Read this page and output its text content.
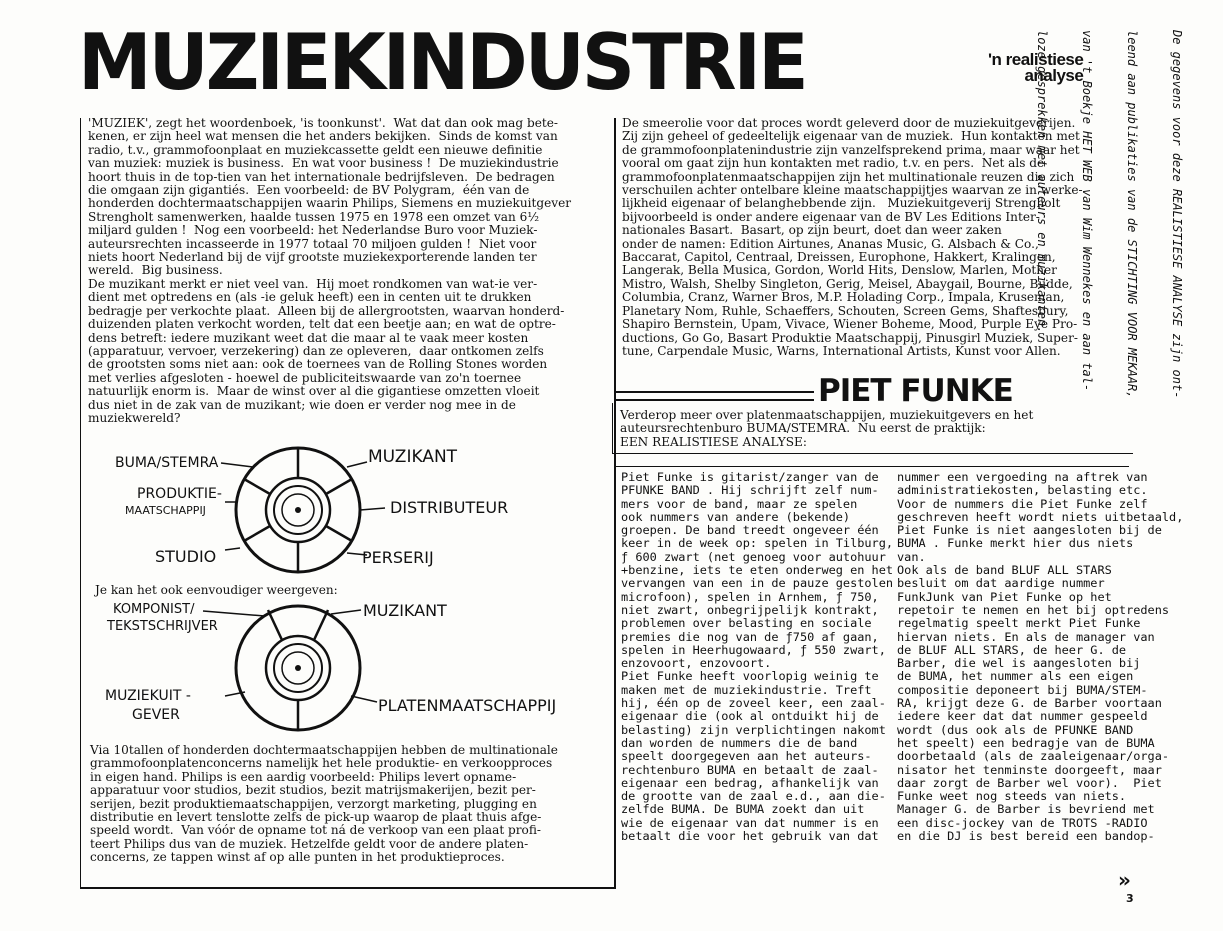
MUZIEKINDUSTRIE	'n realistiese
analyse

	De gegevens voor deze REALISTIESE ANALYSE zijn ont-

leend aan publikaties van de STICHTING VOOR MEKAAR,

van 't Boekje HET WEB van Wim Wennekes en aan tal-

loze gesprekken met auteurs en muzikanten.

'MUZIEK', zegt het woordenboek, 'is toonkunst'.  Wat dat dan ook mag bete-

kenen, er zijn heel wat mensen die het anders bekijken.  Sinds de komst van

radio, t.v., grammofoonplaat en muziekcassette geldt een nieuwe definitie

van muziek: muziek is business.  En wat voor business !  De muziekindustrie

hoort thuis in de top-tien van het internationale bedrijfsleven.  De bedragen

die omgaan zijn gigantiés.  Een voorbeeld: de BV Polygram,  één van de

honderden dochtermaatschappijen waarin Philips, Siemens en muziekuitgever

Strengholt samenwerken, haalde tussen 1975 en 1978 een omzet van 6½

miljard gulden !  Nog een voorbeeld: het Nederlandse Buro voor Muziek-

auteursrechten incasseerde in 1977 totaal 70 miljoen gulden !  Niet voor

niets hoort Nederland bij de vijf grootste muziekexporterende landen ter

wereld.  Big business.

De muzikant merkt er niet veel van.  Hij moet rondkomen van wat-ie ver-

dient met optredens en (als -ie geluk heeft) een in centen uit te drukken

bedragje per verkochte plaat.  Alleen bij de allergrootsten, waarvan honderd-

duizenden platen verkocht worden, telt dat een beetje aan; en wat de optre-

dens betreft: iedere muzikant weet dat die maar al te vaak meer kosten

(apparatuur, vervoer, verzekering) dan ze opleveren,  daar ontkomen zelfs

de grootsten soms niet aan: ook de toernees van de Rolling Stones worden

met verlies afgesloten - hoewel de publiciteitswaarde van zo'n toernee

natuurlijk enorm is.  Maar de winst over al die gigantiese omzetten vloeit

dus niet in de zak van de muzikant; wie doen er verder nog mee in de

muziekwereld?

BUMA/STEMRA	MUZIKANT
PRODUKTIE-
MAATSCHAPPIJ	DISTRIBUTEUR
STUDIO	PERSERIJ
KOMPONIST/
TEKSTSCHRIJVER
MUZIKANT
MUZIEKUIT -
GEVER	PLATENMAATSCHAPPIJ
Je kan het ook eenvoudiger weergeven:

Via 10tallen of honderden dochtermaatschappijen hebben de multinationale

grammofoonplatenconcerns namelijk het hele produktie- en verkoopproces

in eigen hand. Philips is een aardig voorbeeld: Philips levert opname-

apparatuur voor studios, bezit studios, bezit matrijsmakerijen, bezit per-

serijen, bezit produktiemaatschappijen, verzorgt marketing, plugging en

distributie en levert tenslotte zelfs de pick-up waarop de plaat thuis afge-

speeld wordt.  Van vóór de opname tot ná de verkoop van een plaat profi-

teert Philips dus van de muziek. Hetzelfde geldt voor de andere platen-

concerns, ze tappen winst af op alle punten in het produktieproces.

De smeerolie voor dat proces wordt geleverd door de muziekuitgeverijen.

Zij zijn geheel of gedeeltelijk eigenaar van de muziek.  Hun kontakten met

de grammofoonplatenindustrie zijn vanzelfsprekend prima, maar waar het

vooral om gaat zijn hun kontakten met radio, t.v. en pers.  Net als de

grammofoonplatenmaatschappijen zijn het multinationale reuzen die zich

verschuilen achter ontelbare kleine maatschappijtjes waarvan ze in werke-

lijkheid eigenaar of belanghebbende zijn.   Muziekuitgeverij Strengholt

bijvoorbeeld is onder andere eigenaar van de BV Les Editions Inter-

nationales Basart.  Basart, op zijn beurt, doet dan weer zaken

onder de namen: Edition Airtunes, Ananas Music, G. Alsbach & Co.,

Baccarat, Capitol, Centraal, Dreissen, Europhone, Hakkert, Kralingen,

Langerak, Bella Musica, Gordon, World Hits, Denslow, Marlen, Mother

Mistro, Walsh, Shelby Singleton, Gerig, Meisel, Abaygail, Bourne, Budde,

Columbia, Cranz, Warner Bros, M.P. Holading Corp., Impala, Kruseman,

Planetary Nom, Ruhle, Schaeffers, Schouten, Screen Gems, Shaftesbury,

Shapiro Bernstein, Upam, Vivace, Wiener Boheme, Mood, Purple Eye Pro-

ductions, Go Go, Basart Produktie Maatschappij, Pinusgirl Muziek, Super-

tune, Carpendale Music, Warns, International Artists, Kunst voor Allen.

PIET FUNKE

Verderop meer over platenmaatschappijen, muziekuitgevers en het

auteursrechtenburo BUMA/STEMRA.  Nu eerst de praktijk:

EEN REALISTIESE ANALYSE:

Piet Funke is gitarist/zanger van de

PFUNKE BAND . Hij schrijft zelf num-

mers voor de band, maar ze spelen

ook nummers van andere (bekende)

groepen. De band treedt ongeveer één

keer in de week op: spelen in Tilburg,

ƒ 600 zwart (net genoeg voor autohuur

+benzine, iets te eten onderweg en het

vervangen van een in de pauze gestolen

microfoon), spelen in Arnhem, ƒ 750,

niet zwart, onbegrijpelijk kontrakt,

problemen over belasting en sociale

premies die nog van de ƒ750 af gaan,

spelen in Heerhugowaard, ƒ 550 zwart,

enzovoort, enzovoort.

Piet Funke heeft voorlopig weinig te

maken met de muziekindustrie. Treft

hij, één op de zoveel keer, een zaal-

eigenaar die (ook al ontduikt hij de

belasting) zijn verplichtingen nakomt

dan worden de nummers die de band

speelt doorgegeven aan het auteurs-

rechtenburo BUMA en betaalt de zaal-

eigenaar een bedrag, afhankelijk van

de grootte van de zaal e.d., aan die-

zelfde BUMA. De BUMA zoekt dan uit

wie de eigenaar van dat nummer is en

betaalt die voor het gebruik van dat

nummer een vergoeding na aftrek van

administratiekosten, belasting etc.

Voor de nummers die Piet Funke zelf

geschreven heeft wordt niets uitbetaald,

Piet Funke is niet aangesloten bij de

BUMA . Funke merkt hier dus niets

van.

Ook als de band BLUF ALL STARS

besluit om dat aardige nummer

FunkJunk van Piet Funke op het

repetoir te nemen en het bij optredens

regelmatig speelt merkt Piet Funke

hiervan niets. En als de manager van

de BLUF ALL STARS, de heer G. de

Barber, die wel is aangesloten bij

de BUMA, het nummer als een eigen

compositie deponeert bij BUMA/STEM-

RA, krijgt deze G. de Barber voortaan

iedere keer dat dat nummer gespeeld

wordt (dus ook als de PFUNKE BAND

het speelt) een bedragje van de BUMA

doorbetaald (als de zaaleigenaar/orga-

nisator het tenminste doorgeeft, maar

daar zorgt de Barber wel voor).  Piet

Funke weet nog steeds van niets.

Manager G. de Barber is bevriend met

een disc-jockey van de TROTS -RADIO

en die DJ is best bereid een bandop-

»
3
